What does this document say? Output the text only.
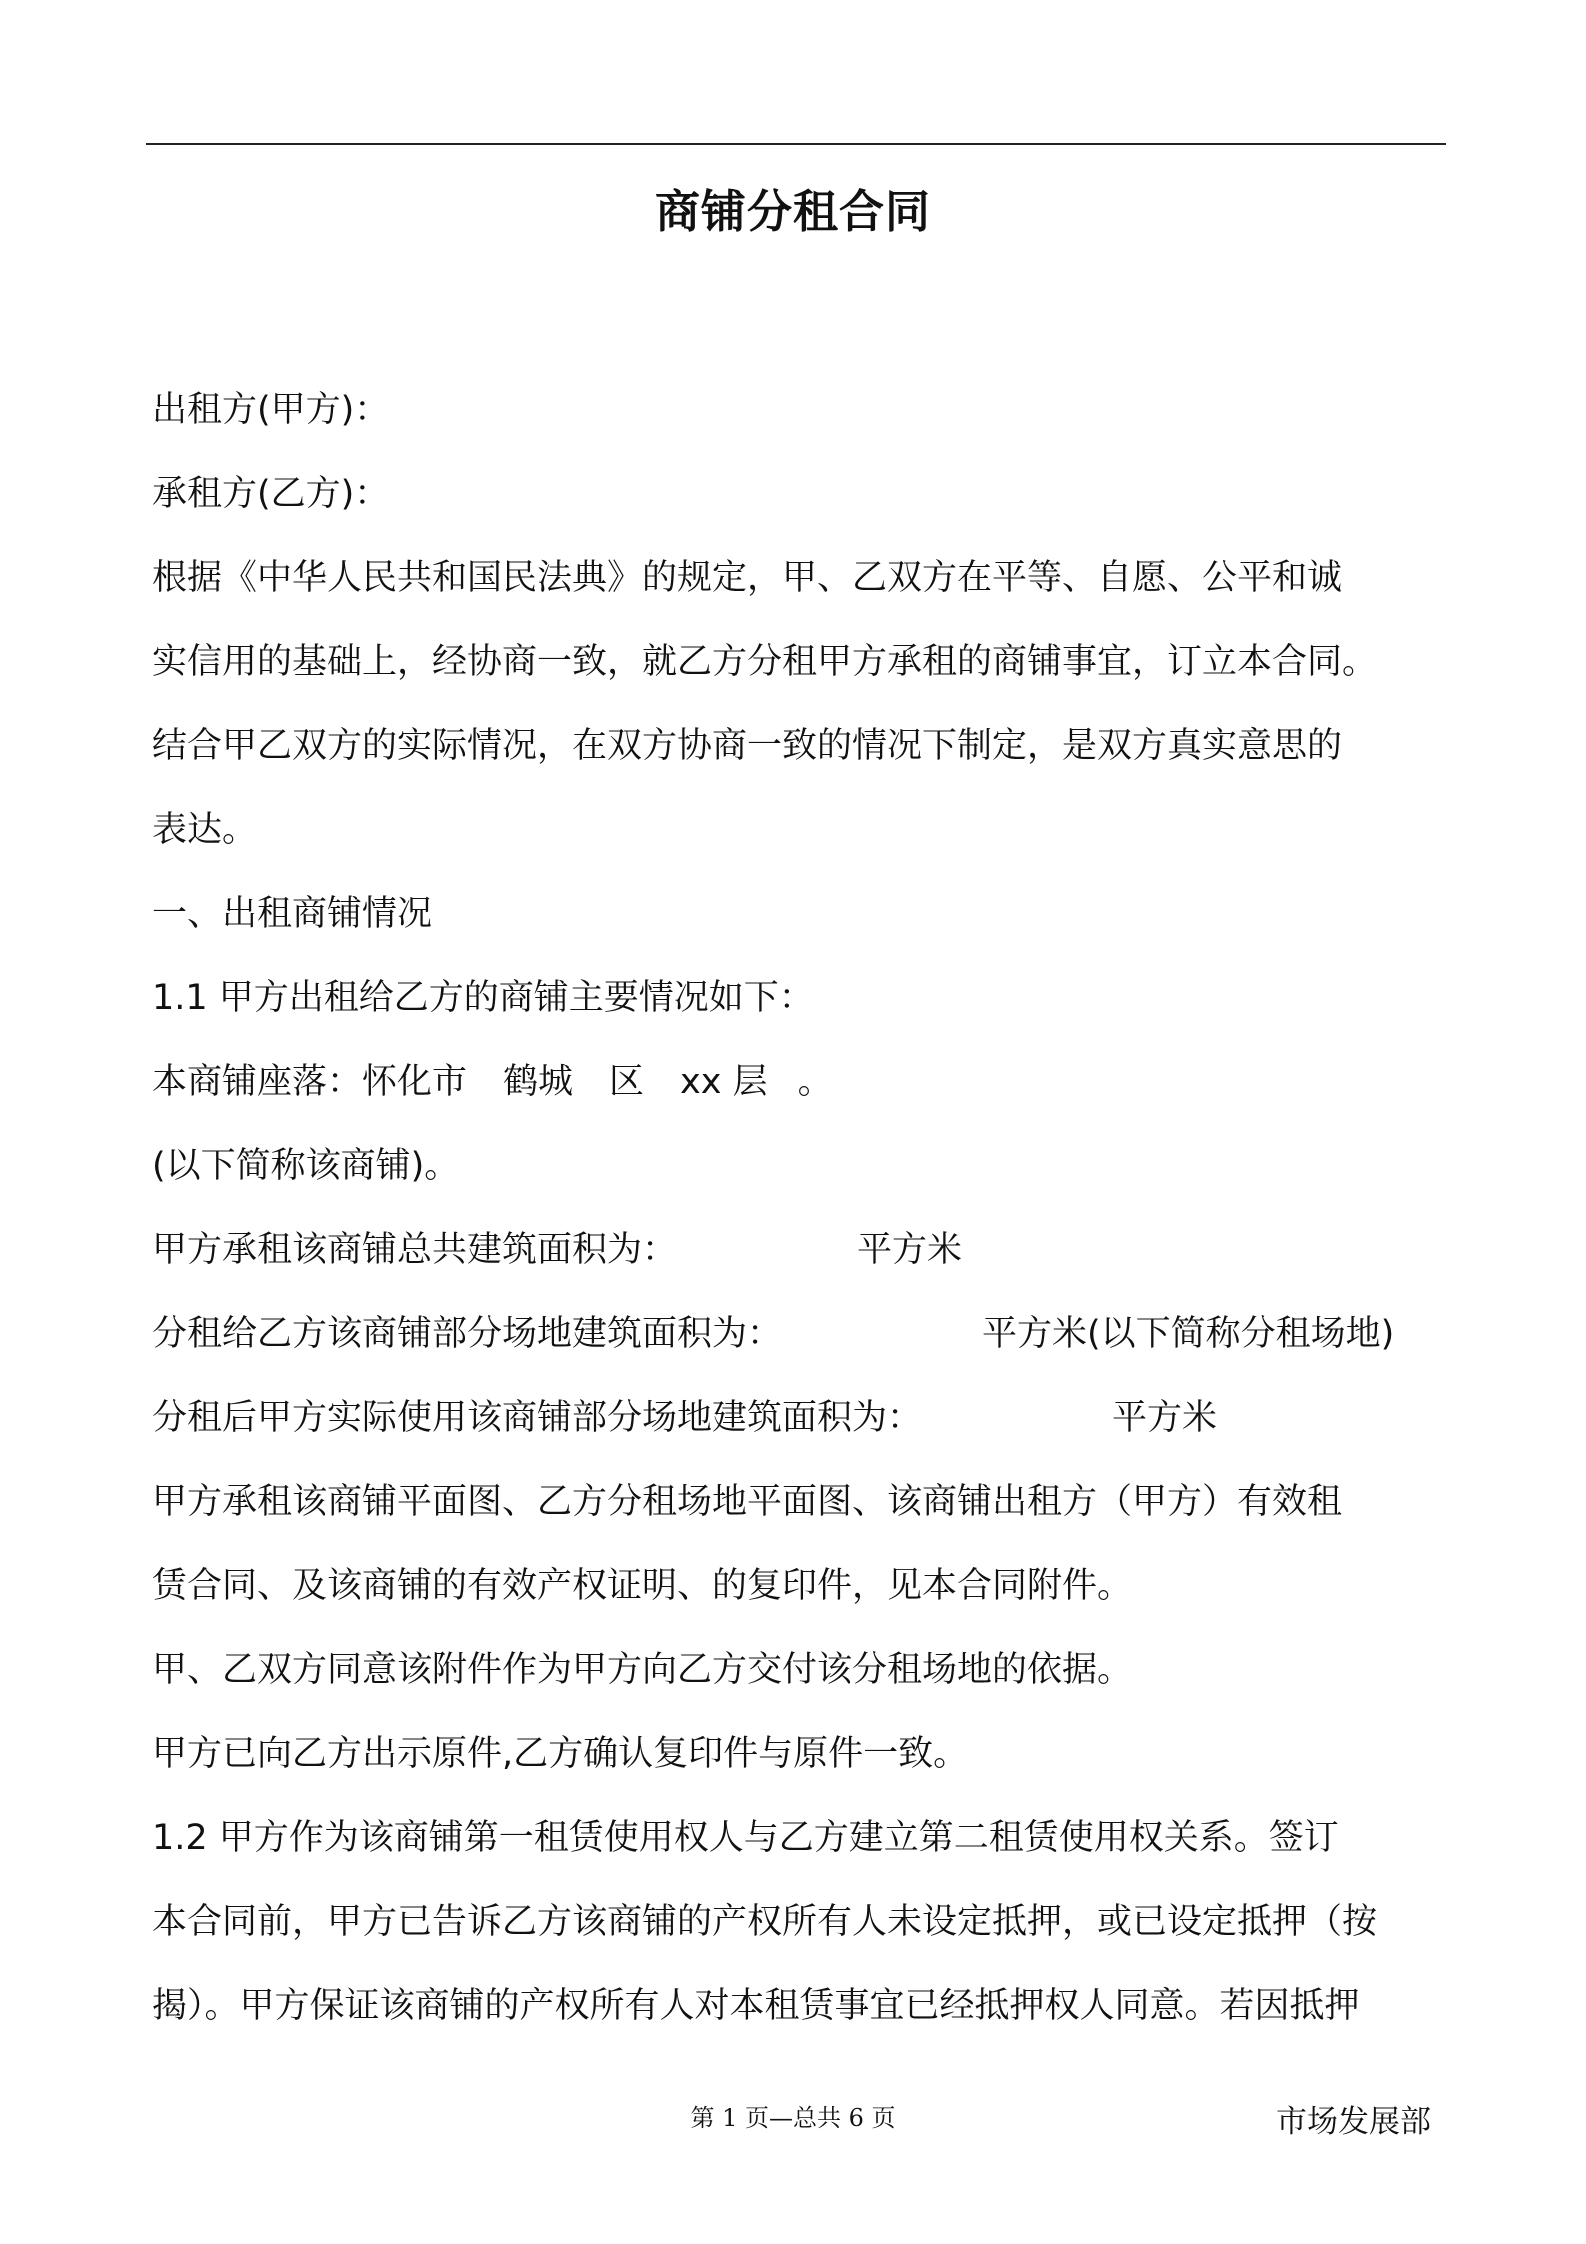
商铺分租合同
出租方(甲方)：
承租方(乙方)：
根据《中华人民共和国民法典》的规定，甲、乙双方在平等、自愿、公平和诚
实信用的基础上，经协商一致，就乙方分租甲方承租的商铺事宜，订立本合同。
结合甲乙双方的实际情况，在双方协商一致的情况下制定，是双方真实意思的
表达。
一、出租商铺情况
1.1 甲方出租给乙方的商铺主要情况如下：
本商铺座落：怀化市 鹤城 区 xx 层 。
(以下简称该商铺)。
甲方承租该商铺总共建筑面积为：	平方米
分租给乙方该商铺部分场地建筑面积为：	平方米(以下简称分租场地)
分租后甲方实际使用该商铺部分场地建筑面积为：	平方米
甲方承租该商铺平面图、乙方分租场地平面图、该商铺出租方（甲方）有效租
赁合同、及该商铺的有效产权证明、的复印件，见本合同附件。
甲、乙双方同意该附件作为甲方向乙方交付该分租场地的依据。
甲方已向乙方出示原件,乙方确认复印件与原件一致。
1.2 甲方作为该商铺第一租赁使用权人与乙方建立第二租赁使用权关系。签订
本合同前，甲方已告诉乙方该商铺的产权所有人未设定抵押，或已设定抵押（按
揭）。甲方保证该商铺的产权所有人对本租赁事宜已经抵押权人同意。若因抵押
第 1 页—总共 6 页	市场发展部
